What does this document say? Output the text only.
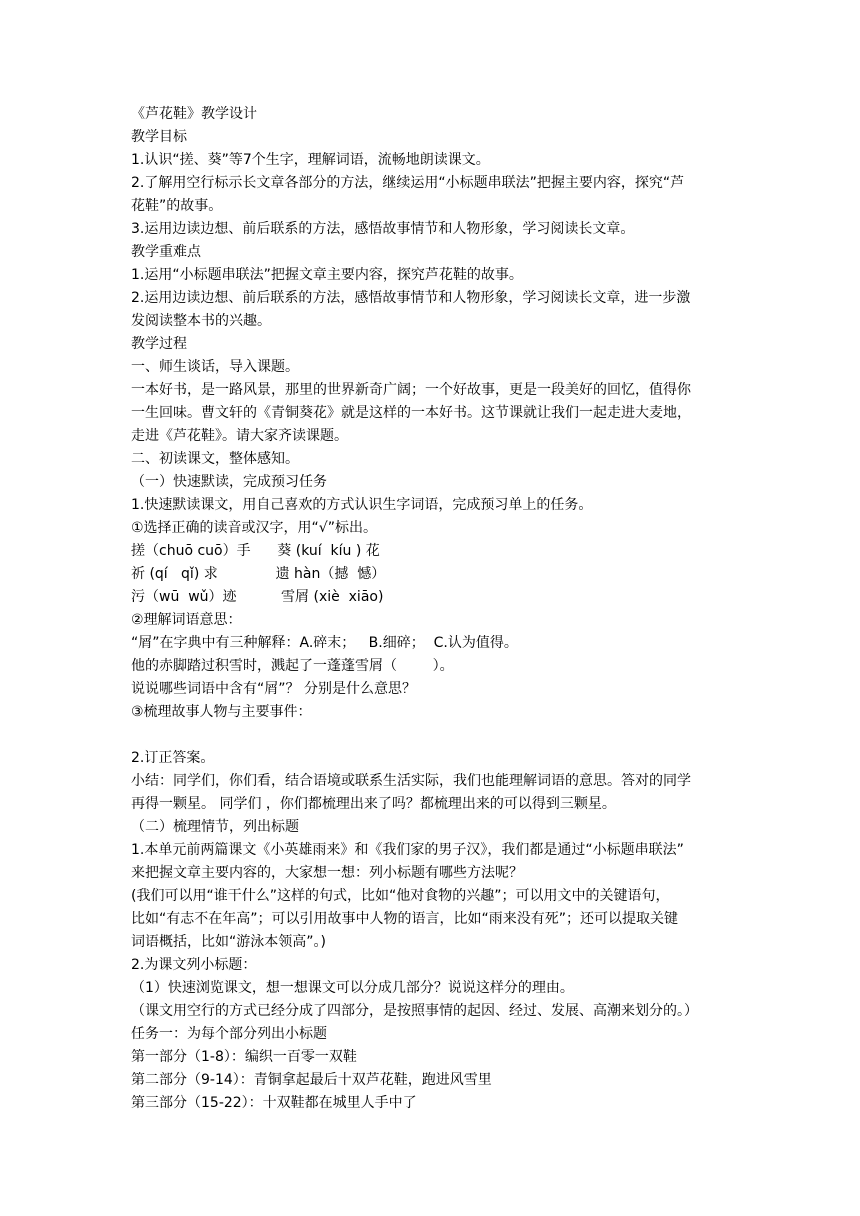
《芦花鞋》教学设计
教学目标
1.认识“搓、葵”等7个生字，理解词语，流畅地朗读课文。
2.了解用空行标示长文章各部分的方法，继续运用“小标题串联法”把握主要内容，探究“芦
花鞋”的故事。
3.运用边读边想、前后联系的方法，感悟故事情节和人物形象，学习阅读长文章。
教学重难点
1.运用“小标题串联法”把握文章主要内容，探究芦花鞋的故事。
2.运用边读边想、前后联系的方法，感悟故事情节和人物形象，学习阅读长文章，进一步激
发阅读整本书的兴趣。
教学过程
一、师生谈话，导入课题。
一本好书，是一路风景，那里的世界新奇广阔；一个好故事，更是一段美好的回忆，值得你
一生回味。曹文轩的《青铜葵花》就是这样的一本好书。这节课就让我们一起走进大麦地，
走进《芦花鞋》。请大家齐读课题。
二、初读课文，整体感知。
（一）快速默读，完成预习任务
1.快速默读课文，用自己喜欢的方式认识生字词语，完成预习单上的任务。
①选择正确的读音或汉字，用“√”标出。
搓（chuō cuō）手      葵 (kuí  kíu ) 花
祈 (qí   qǐ) 求             遗 hàn（撼  憾）
污（wū  wǔ）迹          雪屑 (xiè  xiāo)
②理解词语意思：
“屑”在字典中有三种解释：A.碎末；   B.细碎；  C.认为值得。
他的赤脚踏过积雪时，溅起了一蓬蓬雪屑（        ）。
说说哪些词语中含有“屑”？ 分别是什么意思？
③梳理故事人物与主要事件：
2.订正答案。
小结：同学们，你们看，结合语境或联系生活实际，我们也能理解词语的意思。答对的同学
再得一颗星。 同学们 ，你们都梳理出来了吗？都梳理出来的可以得到三颗星。
（二）梳理情节，列出标题
1.本单元前两篇课文《小英雄雨来》和《我们家的男子汉》，我们都是通过“小标题串联法”
来把握文章主要内容的，大家想一想：列小标题有哪些方法呢？
(我们可以用“谁干什么”这样的句式，比如“他对食物的兴趣”；可以用文中的关键语句，
比如“有志不在年高”；可以引用故事中人物的语言，比如“雨来没有死”；还可以提取关键
词语概括，比如“游泳本领高”。)
2.为课文列小标题：
（1）快速浏览课文，想一想课文可以分成几部分？说说这样分的理由。
（课文用空行的方式已经分成了四部分，是按照事情的起因、经过、发展、高潮来划分的。）
任务一：为每个部分列出小标题
第一部分（1-8）：编织一百零一双鞋
第二部分（9-14）：青铜拿起最后十双芦花鞋，跑进风雪里
第三部分（15-22）：十双鞋都在城里人手中了
